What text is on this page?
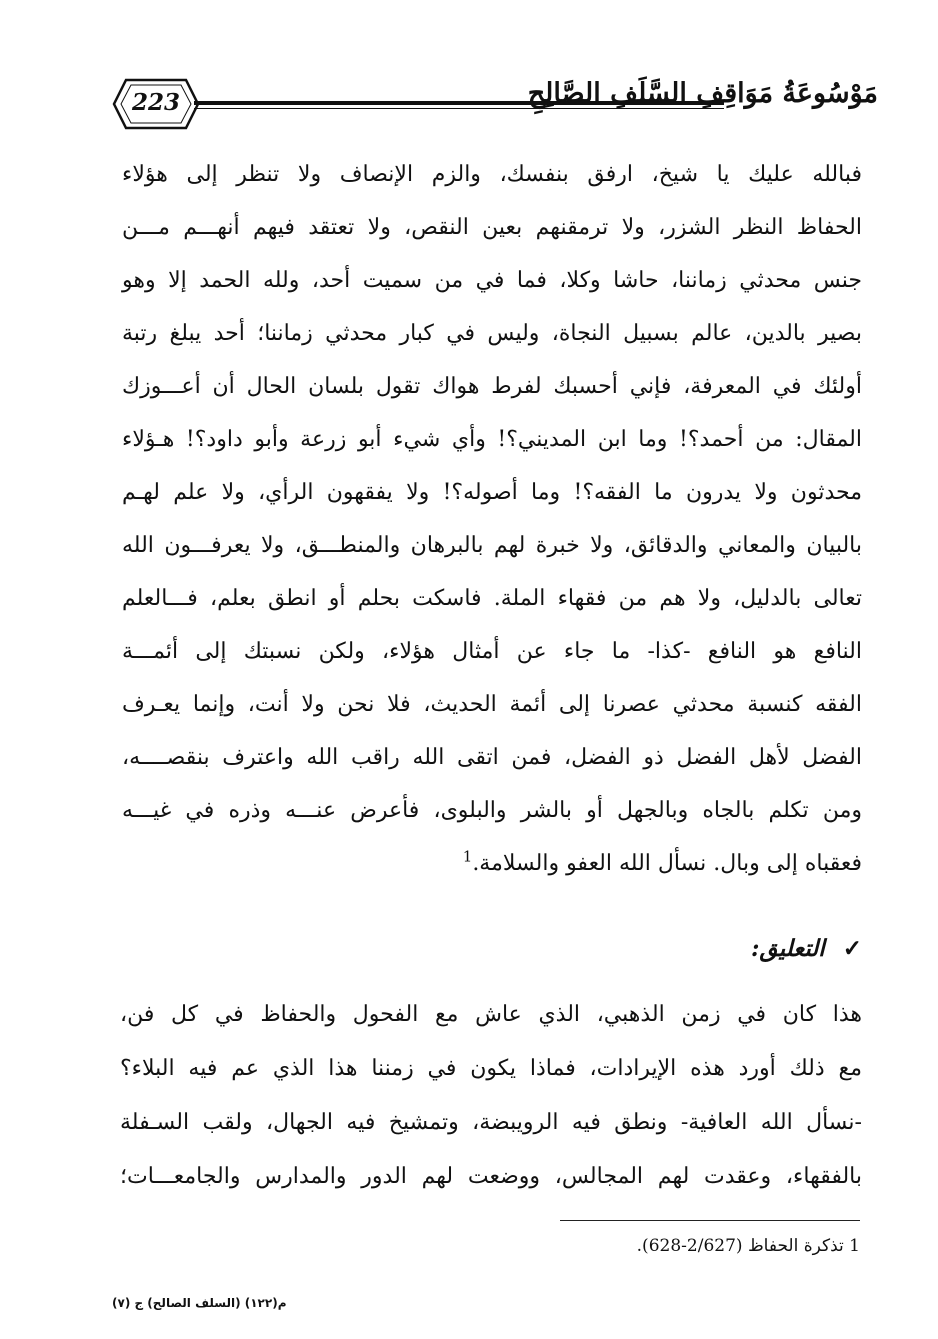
223	مَوْسُوعَةُ مَوَاقِفِ السَّلَفِ الصَّالِحِ
فبالله عليك يا شيخ، ارفق بنفسك، والزم الإنصاف ولا تنظر إلى هؤلاء
الحفاظ النظر الشزر، ولا ترمقنهم بعين النقص، ولا تعتقد فيهم أنهـــم مـــن
جنس محدثي زماننا، حاشا وكلا، فما في من سميت أحد، ولله الحمد إلا وهو
بصير بالدين، عالم بسبيل النجاة، وليس في كبار محدثي زماننا؛ أحد يبلغ رتبة
أولئك في المعرفة، فإني أحسبك لفرط هواك تقول بلسان الحال أن أعـــوزك
المقال: من أحمد؟! وما ابن المديني؟! وأي شيء أبو زرعة وأبو داود؟! هـؤلاء
محدثون ولا يدرون ما الفقه؟! وما أصوله؟! ولا يفقهون الرأي، ولا علم لهـم
بالبيان والمعاني والدقائق، ولا خبرة لهم بالبرهان والمنطـــق، ولا يعرفـــون الله
تعالى بالدليل، ولا هم من فقهاء الملة. فاسكت بحلم أو انطق بعلم، فـــالعلم
النافع هو النافع -كذا- ما جاء عن أمثال هؤلاء، ولكن نسبتك إلى أئمـــة
الفقه كنسبة محدثي عصرنا إلى أئمة الحديث، فلا نحن ولا أنت، وإنما يعـرف
الفضل لأهل الفضل ذو الفضل، فمن اتقى الله راقب الله واعترف بنقصــــه،
ومن تكلم بالجاه وبالجهل أو بالشر والبلوى، فأعرض عنـــه وذره في غيـــه
فعقباه إلى وبال. نسأل الله العفو والسلامة.$^1$
✓ التعليق:
هذا كان في زمن الذهبي، الذي عاش مع الفحول والحفاظ في كل فن،
مع ذلك أورد هذه الإيرادات، فماذا يكون في زمننا هذا الذي عم فيه البلاء؟
-نسأل الله العافية- ونطق فيه الرويبضة، وتمشيخ فيه الجهال، ولقب السـفلة
بالفقهاء، وعقدت لهم المجالس، ووضعت لهم الدور والمدارس والجامعـــات؛
1 تذكرة الحفاظ (2/627-628).
م(١٢٢) (السلف الصالح) ج (٧)
